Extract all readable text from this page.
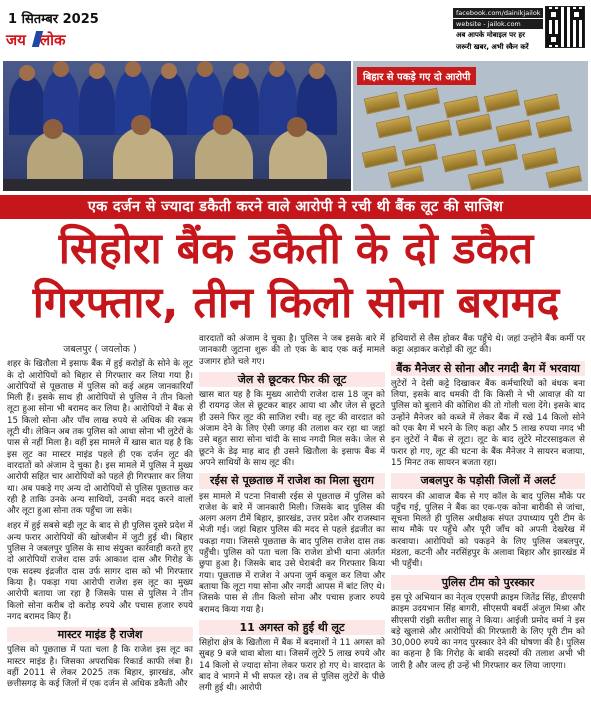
1 सितम्बर 2025
जय लोक
facebook.com/dainikjailok
website - jailok.com
अब आपके मोबाइल पर हर
जरूरी खबर, अभी स्कैन करें
बिहार से पकड़े गए दो आरोपी
एक दर्जन से ज्यादा डकैती करने वाले आरोपी ने रची थी बैंक लूट की साजिश
सिहोरा बैंक डकैती के दो डकैत
गिरफ्तार, तीन किलो सोना बरामद
जबलपुर ( जयलोक )

शहर के खितौला में इसाफ बैंक में हुई करोड़ों के सोने के लूट के दो आरोपियों को बिहार से गिरफ्तार कर लिया गया है। आरोपियों से पूछताछ में पुलिस को कई अहम जानकारियाँ मिली हैं। इसके साथ ही आरोपियों से पुलिस ने तीन किलो लूटा हुआ सोना भी बरामद कर लिया है। आरोपियों ने बैंक से 15 किलो सोना और पाँच लाख रुपये से अधिक की रकम लूटी थी। लेकिन अब तक पुलिस को आधा सोना भी लुटेरों के पास से नहीं मिला है। वहीं इस मामले में खास बात यह है कि इस लूट का मास्टर माइंड पहले ही एक दर्जन लूट की वारदातों को अंजाम दे चुका है। इस मामले में पुलिस ने मुख्य आरोपी सहित चार आरोपियों को पहले ही गिरफ्तार कर लिया था। अब पकड़े गए अन्य दो आरोपियों से पुलिस पूछताछ कर रही है ताकि उनके अन्य साथियों, उनकी मदद करने वालों और लूटा हुआ सोना तक पहुँचा जा सके।

शहर में हुई सबसे बड़ी लूट के बाद से ही पुलिस दूसरे प्रदेश में अन्य फरार आरोपियों की खोजबीन में जुटी हुई थी। बिहार पुलिस ने जबलपुर पुलिस के साथ संयुक्त कार्रवाही करते हुए दो आरोपियों राजेश दास उर्फ आकाश दास और गिरोह के एक सदस्य इंद्रजीत दास उर्फ सागर दास को भी गिरफ्तार किया है। पकड़ा गया आरोपी राजेश इस लूट का मुख्य आरोपी बताया जा रहा है जिसके पास से पुलिस ने तीन किलो सोना करीब दो करोड़ रुपये और पचास हजार रुपये नगद बरामद किए हैं।

मास्टर माइंड है राजेश

पुलिस को पूछताछ में पता चला है कि राजेश इस लूट का मास्टर माइंड है। जिसका अपराधिक रिकार्ड काफी लंबा है। वहीं 2011 से लेकर 2025 तक बिहार, झारखंड, और छत्तीसगढ़ के कई जिलों में एक दर्जन से अधिक डकैती और

वारदातों को अंजाम दे चुका है। पुलिस ने जब इसके बारे में जानकारी जुटाना शुरू की तो एक के बाद एक कई मामले उजागर होते चले गए।

जेल से छूटकर फिर की लूट

खास बात यह है कि मुख्य आरोपी राजेश दास 18 जून को ही रायगढ़ जेल से छूटकर बाहर आया था और जेल से छूटते ही उसने फिर लूट की साजिश रची। वह लूट की वारदात को अंजाम देने के लिए ऐसी जगह की तलाश कर रहा था जहां उसे बहुत सारा सोना चांदी के साथ नगदी मिल सके। जेल से छूटने के डेढ़ माह बाद ही उसने खितौला के इसाफ बैंक में अपने साथियों के साथ लूट की।

रईस से पूछताछ में राजेश का मिला सुराग

इस मामले में पटना निवासी रईस से पूछताछ में पुलिस को राजेश के बारे में जानकारी मिली। जिसके बाद पुलिस की अलग अलग टीमें बिहार, झारखंड, उत्तर प्रदेश और राजस्थान भेजी गई। जहां बिहार पुलिस की मदद से पहले इंद्रजीत का पकड़ा गया। जिससे पूछताछ के बाद पुलिस राजेश दास तक पहुँची। पुलिस को पता चला कि राजेश डोभी थाना अंतर्गत छुपा हुआ है। जिसके बाद उसे घेराबंदी कर गिरफ्तार किया गया। पूछताछ में राजेश ने अपना जुर्म कबूल कर लिया और बताया कि लूटा गया सोना और नगदी आपस में बांट लिए थे। जिसके पास से तीन किलो सोना और पचास हजार रुपये बरामद किया गया है।

11 अगस्त को हुई थी लूट

सिहोरा क्षेत्र के खितौला में बैंक में बदमाशों ने 11 अगस्त को सुबह 9 बजे धावा बोला था। जिसमें लुटेरे 5 लाख रुपये और 14 किलो से ज्यादा सोना लेकर फरार हो गए थे। वारदात के बाद वे भागने में भी सफल रहे। तब से पुलिस लुटेरों के पीछे लगी हुई थी। आरोपी

हथियारों से लैस होकर बैंक पहुँचे थे। जहां उन्होंने बैंक कर्मी पर कट्टा अड़ाकर करोड़ों की लूट की।

बैंक मैनेजर से सोना और नगदी बैग में भरवाया

लुटेरों ने देसी कट्टे दिखाकर बैंक कर्मचारियों को बंधक बना लिया, इसके बाद धमकी दी कि किसी ने भी आवाज़ की या पुलिस को बुलाने की कोशिश की तो गोली चला देंगे। इसके बाद उन्होंने मैनेजर को कब्जे में लेकर बैंक में रखे 14 किलो सोने को एक बैग में भरने के लिए कहा और 5 लाख रुपया नगद भी इन लुटेरों ने बैंक से लूटा। लूट के बाद लुटेरे मोटरसाइकल से फरार हो गए, लूट की घटना के बैंक मैनेजर ने सायरन बजाया, 15 मिनट तक सायरन बजता रहा।

जबलपुर के पड़ोसी जिलों में अलर्ट

सायरन की आवाज बैंक से गए कॉल के बाद पुलिस मौके पर पहुँच गई, पुलिस ने बैंक का एक-एक कोना बारीकी से जांचा, सूचना मिलते ही पुलिस अधीक्षक संपत उपाध्याय पूरी टीम के साथ मौके पर पहुँचे और पूरी जाँच को अपनी देखरेख में करवाया। आरोपियों को पकड़ने के लिए पुलिस जबलपुर, मंडला, कटनी और नरसिंहपुर के अलावा बिहार और झारखंड में भी पहुँची।

पुलिस टीम को पुरस्कार

इस पूरे अभियान का नेतृत्व एएसपी क्राइम जितेंद्र सिंह, डीएसपी क्राइम उदयभान सिंह बागरी, सीएसपी बबर्दी अंजुल मिश्रा और सीएसपी रांझी सतीश साहू ने किया। आईजी प्रमोद वर्मा ने इस बड़े खुलासे और आरोपियों की गिरफ्तारी के लिए पूरी टीम को 30,000 रुपये का नगद पुरस्कार देने की घोषणा की है। पुलिस का कहना है कि गिरोह के बाकी सदस्यों की तलाश अभी भी जारी है और जल्द ही उन्हें भी गिरफ्तार कर लिया जाएगा।
